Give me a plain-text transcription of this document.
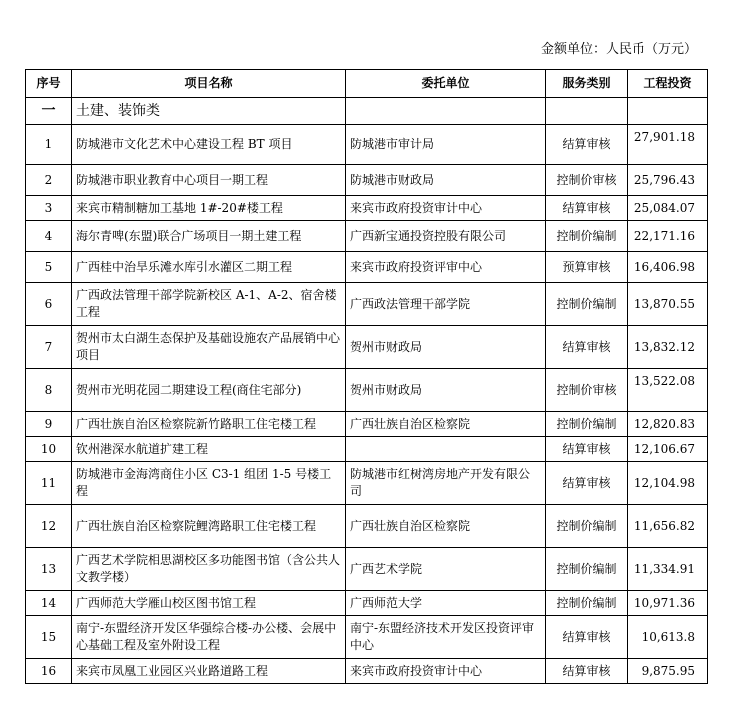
金额单位：人民币（万元）
序号	项目名称	委托单位	服务类别	工程投资
一	土建、装饰类			
1	防城港市文化艺术中心建设工程 BT 项目	防城港市审计局	结算审核	27,901.18
2	防城港市职业教育中心项目一期工程	防城港市财政局	控制价审核	25,796.43
3	来宾市精制糖加工基地 1#-20#楼工程	来宾市政府投资审计中心	结算审核	25,084.07
4	海尔青啤(东盟)联合广场项目一期土建工程	广西新宝通投资控股有限公司	控制价编制	22,171.16
5	广西桂中治旱乐滩水库引水灌区二期工程	来宾市政府投资评审中心	预算审核	16,406.98
6	广西政法管理干部学院新校区 A-1、A-2、宿舍楼工程	广西政法管理干部学院	控制价编制	13,870.55
7	贺州市太白湖生态保护及基础设施农产品展销中心项目	贺州市财政局	结算审核	13,832.12
8	贺州市光明花园二期建设工程(商住宅部分)	贺州市财政局	控制价审核	13,522.08
9	广西壮族自治区检察院新竹路职工住宅楼工程	广西壮族自治区检察院	控制价编制	12,820.83
10	钦州港深水航道扩建工程		结算审核	12,106.67
11	防城港市金海湾商住小区 C3-1 组团 1-5 号楼工程	防城港市红树湾房地产开发有限公司	结算审核	12,104.98
12	广西壮族自治区检察院鲤湾路职工住宅楼工程	广西壮族自治区检察院	控制价编制	11,656.82
13	广西艺术学院相思湖校区多功能图书馆（含公共人文教学楼）	广西艺术学院	控制价编制	11,334.91
14	广西师范大学雁山校区图书馆工程	广西师范大学	控制价编制	10,971.36
15	南宁-东盟经济开发区华强综合楼-办公楼、会展中心基础工程及室外附设工程	南宁-东盟经济技术开发区投资评审中心	结算审核	10,613.8
16	来宾市凤凰工业园区兴业路道路工程	来宾市政府投资审计中心	结算审核	9,875.95
